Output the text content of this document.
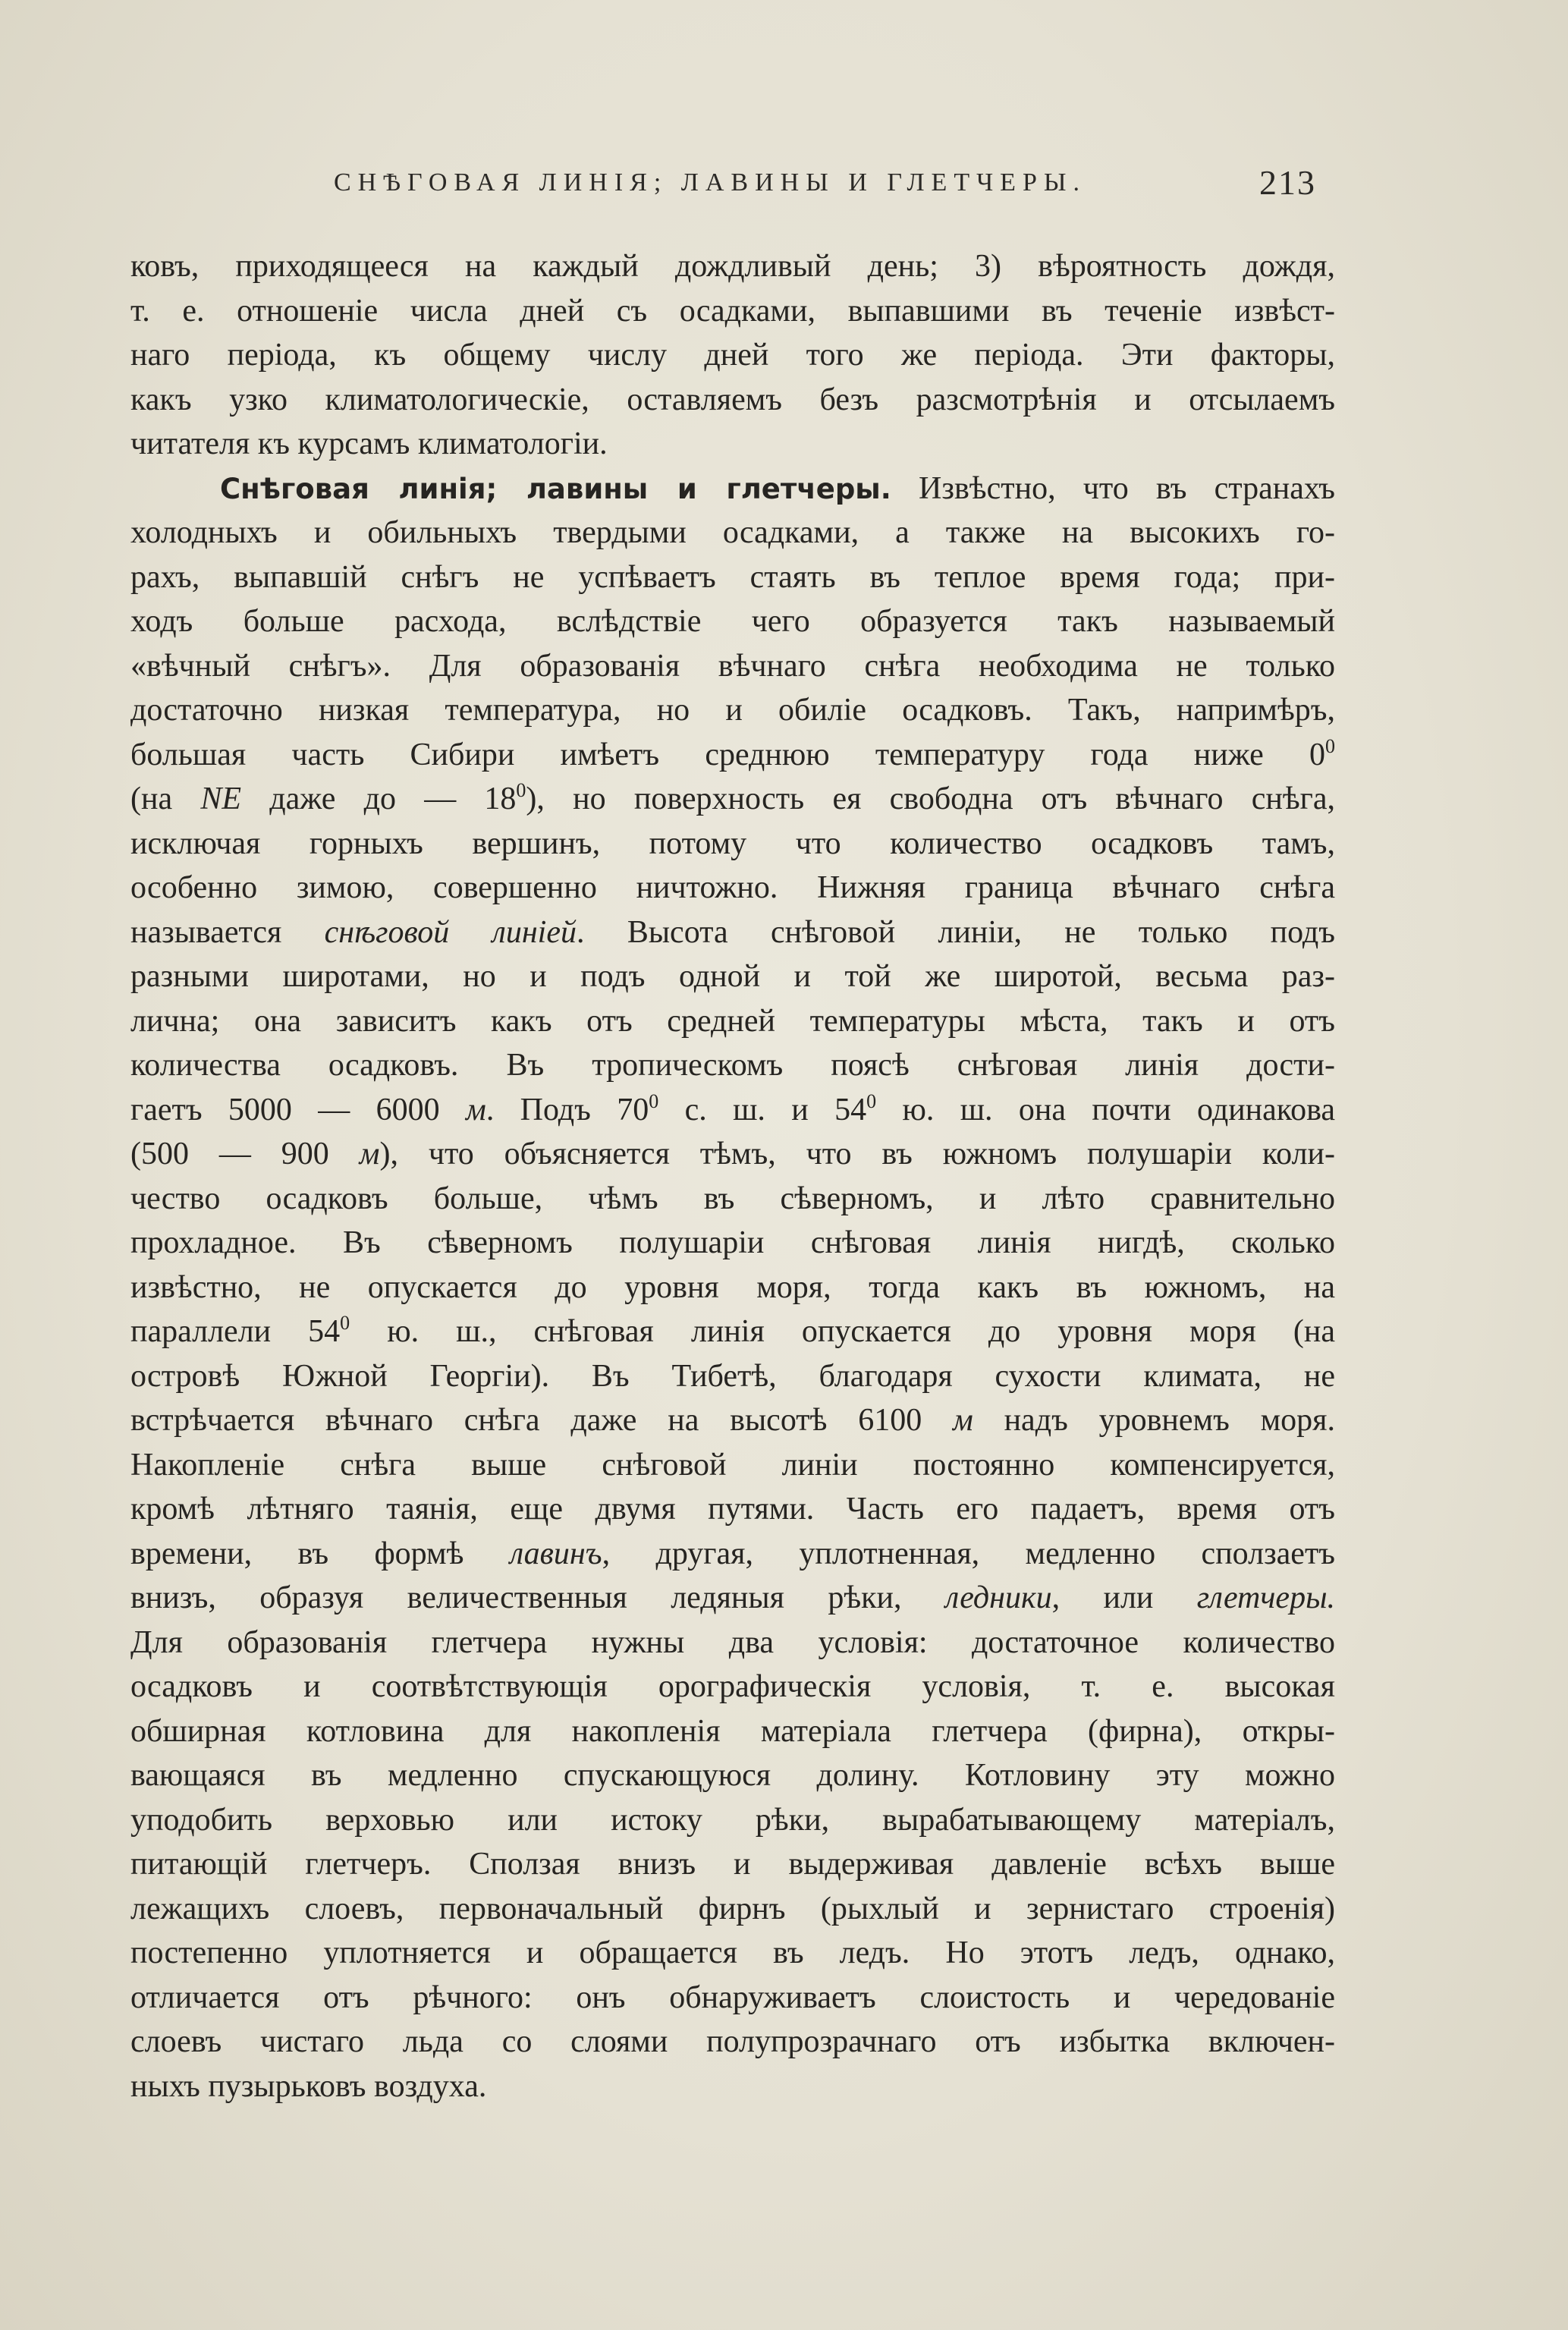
СНѢГОВАЯ ЛИНІЯ; ЛАВИНЫ И ГЛЕТЧЕРЫ.	213
ковъ, приходящееся на каждый дождливый день; 3) вѣроятность дождя,
т. е. отношеніе числа дней съ осадками, выпавшими въ теченіе извѣст-
наго періода, къ общему числу дней того же періода. Эти факторы,
какъ узко климатологическіе, оставляемъ безъ разсмотрѣнія и отсылаемъ
читателя къ курсамъ климатологіи.
Снѣговая линія; лавины и глетчеры. Извѣстно, что въ странахъ
холодныхъ и обильныхъ твердыми осадками, а также на высокихъ го-
рахъ, выпавшій снѣгъ не успѣваетъ стаять въ теплое время года; при-
ходъ больше расхода, вслѣдствіе чего образуется такъ называемый
«вѣчный снѣгъ». Для образованія вѣчнаго снѣга необходима не только
достаточно низкая температура, но и обиліе осадковъ. Такъ, напримѣръ,
большая часть Сибири имѣетъ среднюю температуру года ниже $0^0$
(на NE даже до — $18^0$), но поверхность ея свободна отъ вѣчнаго снѣга,
исключая горныхъ вершинъ, потому что количество осадковъ тамъ,
особенно зимою, совершенно ничтожно. Нижняя граница вѣчнаго снѣга
называется снѣговой линіей. Высота снѣговой линіи, не только подъ
разными широтами, но и подъ одной и той же широтой, весьма раз-
лична; она зависитъ какъ отъ средней температуры мѣста, такъ и отъ
количества осадковъ. Въ тропическомъ поясѣ снѣговая линія дости-
гаетъ 5000 — 6000 м. Подъ $70^0$ с. ш. и $54^0$ ю. ш. она почти одинакова
(500 — 900 м), что объясняется тѣмъ, что въ южномъ полушаріи коли-
чество осадковъ больше, чѣмъ въ сѣверномъ, и лѣто сравнительно
прохладное. Въ сѣверномъ полушаріи снѣговая линія нигдѣ, сколько
извѣстно, не опускается до уровня моря, тогда какъ въ южномъ, на
параллели $54^0$ ю. ш., снѣговая линія опускается до уровня моря (на
островѣ Южной Георгіи). Въ Тибетѣ, благодаря сухости климата, не
встрѣчается вѣчнаго снѣга даже на высотѣ 6100 м надъ уровнемъ моря.
Накопленіе снѣга выше снѣговой линіи постоянно компенсируется,
кромѣ лѣтняго таянія, еще двумя путями. Часть его падаетъ, время отъ
времени, въ формѣ лавинъ, другая, уплотненная, медленно сползаетъ
внизъ, образуя величественныя ледяныя рѣки, ледники, или глетчеры.
Для образованія глетчера нужны два условія: достаточное количество
осадковъ и соотвѣтствующія орографическія условія, т. е. высокая
обширная котловина для накопленія матеріала глетчера (фирна), откры-
вающаяся въ медленно спускающуюся долину. Котловину эту можно
уподобить верховью или истоку рѣки, вырабатывающему матеріалъ,
питающій глетчеръ. Сползая внизъ и выдерживая давленіе всѣхъ выше
лежащихъ слоевъ, первоначальный фирнъ (рыхлый и зернистаго строенія)
постепенно уплотняется и обращается въ ледъ. Но этотъ ледъ, однако,
отличается отъ рѣчного: онъ обнаруживаетъ слоистость и чередованіе
слоевъ чистаго льда со слоями полупрозрачнаго отъ избытка включен-
ныхъ пузырьковъ воздуха.
